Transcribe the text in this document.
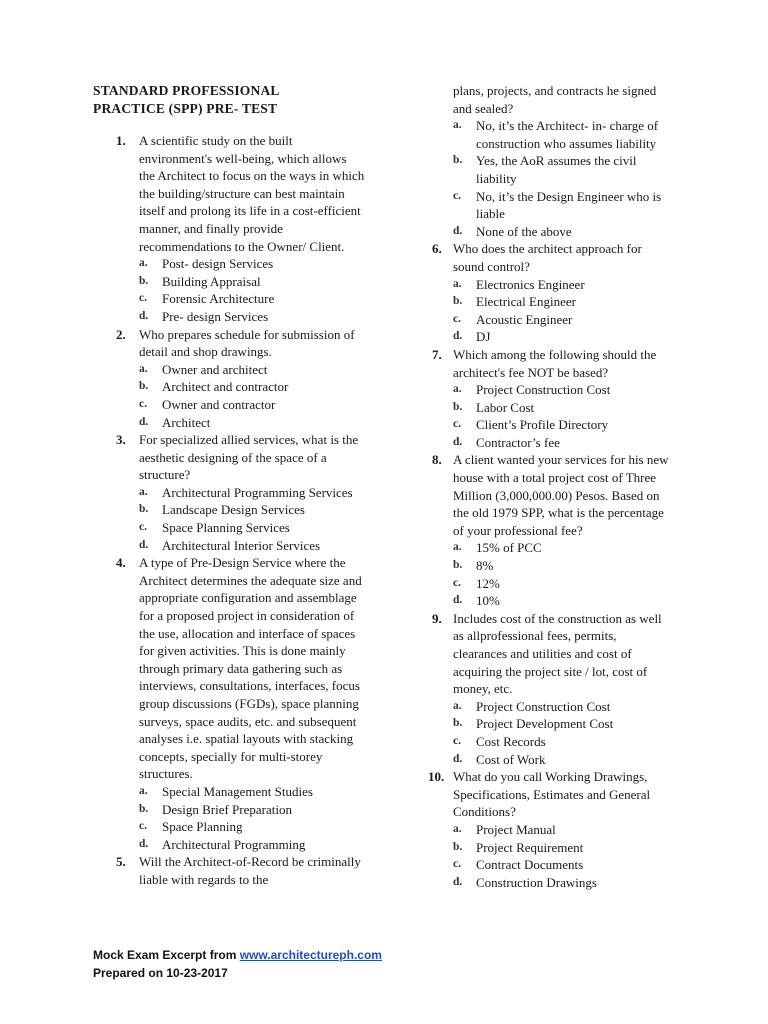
STANDARD PROFESSIONAL
PRACTICE (SPP) PRE- TEST
1. A scientific study on the built environment's well-being, which allows the Architect to focus on the ways in which the building/structure can best maintain itself and prolong its life in a cost-efficient manner, and finally provide recommendations to the Owner/ Client.
a. Post- design Services
b. Building Appraisal
c. Forensic Architecture
d. Pre- design Services
2. Who prepares schedule for submission of detail and shop drawings.
a. Owner and architect
b. Architect and contractor
c. Owner and contractor
d. Architect
3. For specialized allied services, what is the aesthetic designing of the space of a structure?
a. Architectural Programming Services
b. Landscape Design Services
c. Space Planning Services
d. Architectural Interior Services
4. A type of Pre-Design Service where the Architect determines the adequate size and appropriate configuration and assemblage for a proposed project in consideration of the use, allocation and interface of spaces for given activities. This is done mainly through primary data gathering such as interviews, consultations, interfaces, focus group discussions (FGDs), space planning surveys, space audits, etc. and subsequent analyses i.e. spatial layouts with stacking concepts, specially for multi-storey structures.
a. Special Management Studies
b. Design Brief Preparation
c. Space Planning
d. Architectural Programming
5. Will the Architect-of-Record be criminally liable with regards to the
plans, projects, and contracts he signed and sealed?
a. No, it’s the Architect- in- charge of construction who assumes liability
b. Yes, the AoR assumes the civil liability
c. No, it’s the Design Engineer who is liable
d. None of the above
6. Who does the architect approach for sound control?
a. Electronics Engineer
b. Electrical Engineer
c. Acoustic Engineer
d. DJ
7. Which among the following should the architect's fee NOT be based?
a. Project Construction Cost
b. Labor Cost
c. Client’s Profile Directory
d. Contractor’s fee
8. A client wanted your services for his new house with a total project cost of Three Million (3,000,000.00) Pesos. Based on the old 1979 SPP, what is the percentage of your professional fee?
a. 15% of PCC
b. 8%
c. 12%
d. 10%
9. Includes cost of the construction as well as allprofessional fees, permits, clearances and utilities and cost of acquiring the project site / lot, cost of money, etc.
a. Project Construction Cost
b. Project Development Cost
c. Cost Records
d. Cost of Work
10. What do you call Working Drawings, Specifications, Estimates and General Conditions?
a. Project Manual
b. Project Requirement
c. Contract Documents
d. Construction Drawings
Mock Exam Excerpt from www.architectureph.com
Prepared on 10-23-2017
